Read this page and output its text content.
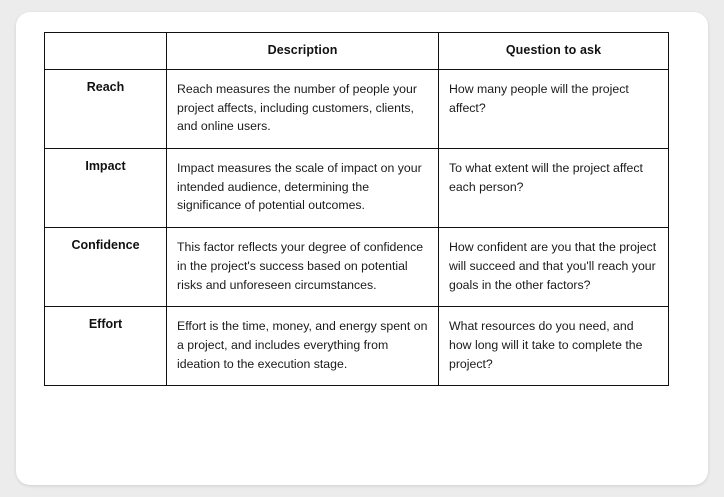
	Description	Question to ask
Reach	Reach measures the number of people your project affects, including customers, clients, and online users.	How many people will the project affect?
Impact	Impact measures the scale of impact on your intended audience, determining the significance of potential outcomes.	To what extent will the project affect each person?
Confidence	This factor reflects your degree of confidence in the project's success based on potential risks and unforeseen circumstances.	How confident are you that the project will succeed and that you'll reach your goals in the other factors?
Effort	Effort is the time, money, and energy spent on a project, and includes everything from ideation to the execution stage.	What resources do you need, and how long will it take to complete the project?
